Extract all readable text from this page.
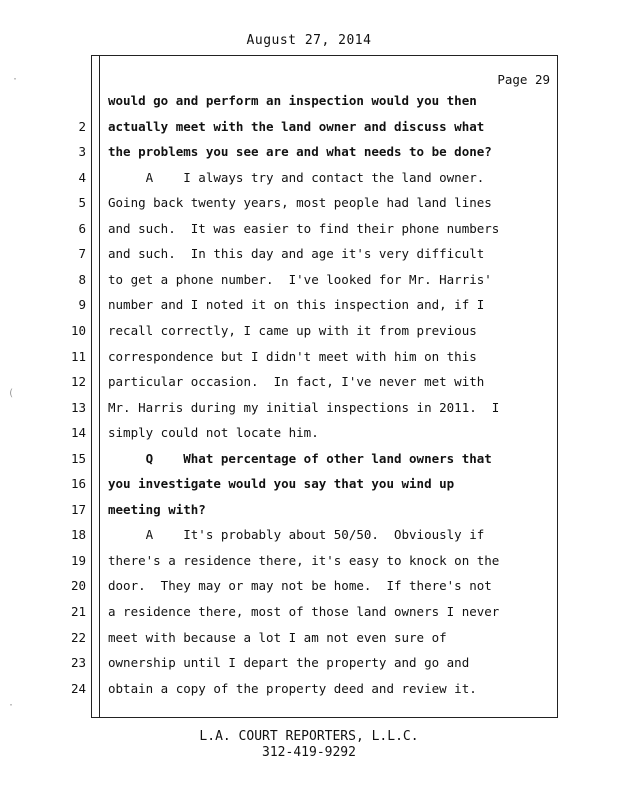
August 27, 2014
Page 29
would go and perform an inspection would you then
2 actually meet with the land owner and discuss what
3 the problems you see are and what needs to be done?
4 A    I always try and contact the land owner.
5 Going back twenty years, most people had land lines
6 and such.  It was easier to find their phone numbers
7 and such.  In this day and age it's very difficult
8 to get a phone number.  I've looked for Mr. Harris'
9 number and I noted it on this inspection and, if I
10 recall correctly, I came up with it from previous
11 correspondence but I didn't meet with him on this
12 particular occasion.  In fact, I've never met with
13 Mr. Harris during my initial inspections in 2011.  I
14 simply could not locate him.
15 Q    What percentage of other land owners that
16 you investigate would you say that you wind up
17 meeting with?
18 A    It's probably about 50/50.  Obviously if
19 there's a residence there, it's easy to knock on the
20 door.  They may or may not be home.  If there's not
21 a residence there, most of those land owners I never
22 meet with because a lot I am not even sure of
23 ownership until I depart the property and go and
24 obtain a copy of the property deed and review it.
L.A. COURT REPORTERS, L.L.C.
312-419-9292
·
(
·
